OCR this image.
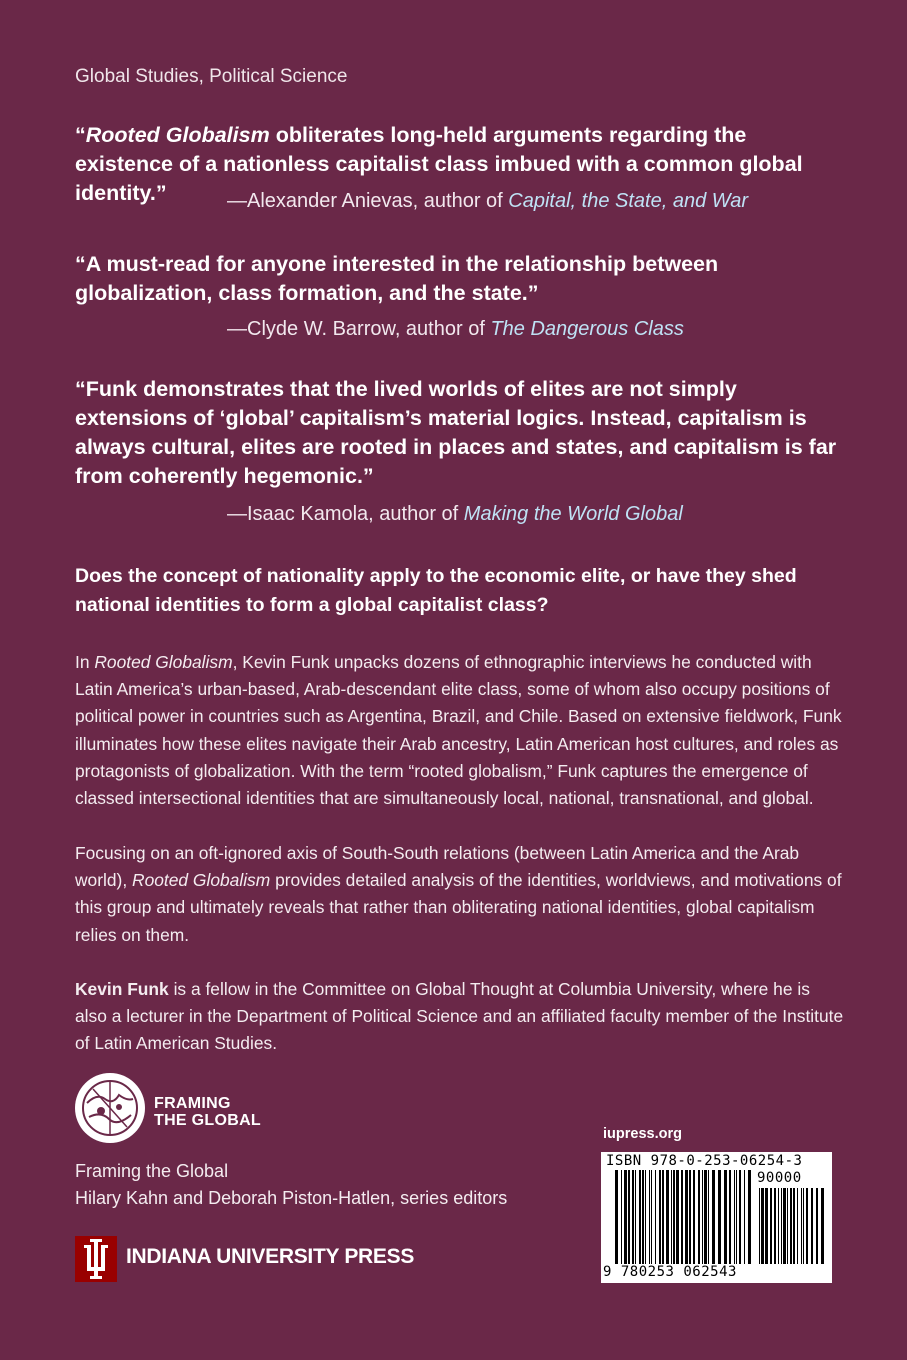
Global Studies, Political Science
“Rooted Globalism obliterates long-held arguments regarding the existence of a nationless capitalist class imbued with a common global identity.”	—Alexander Anievas, author of Capital, the State, and War
“A must-read for anyone interested in the relationship between globalization, class formation, and the state.”
—Clyde W. Barrow, author of The Dangerous Class
“Funk demonstrates that the lived worlds of elites are not simply extensions of ‘global’ capitalism’s material logics. Instead, capitalism is always cultural, elites are rooted in places and states, and capitalism is far from coherently hegemonic.”
—Isaac Kamola, author of Making the World Global
Does the concept of nationality apply to the economic elite, or have they shed national identities to form a global capitalist class?
In Rooted Globalism, Kevin Funk unpacks dozens of ethnographic interviews he conducted with Latin America’s urban-based, Arab-descendant elite class, some of whom also occupy positions of political power in countries such as Argentina, Brazil, and Chile. Based on extensive fieldwork, Funk illuminates how these elites navigate their Arab ancestry, Latin American host cultures, and roles as protagonists of globalization. With the term “rooted globalism,” Funk captures the emergence of classed intersectional identities that are simultaneously local, national, transnational, and global.
Focusing on an oft-ignored axis of South-South relations (between Latin America and the Arab world), Rooted Globalism provides detailed analysis of the identities, worldviews, and motivations of this group and ultimately reveals that rather than obliterating national identities, global capitalism relies on them.
Kevin Funk is a fellow in the Committee on Global Thought at Columbia University, where he is also a lecturer in the Department of Political Science and an affiliated faculty member of the Institute of Latin American Studies.
FRAMING
THE GLOBAL
Framing the Global
Hilary Kahn and Deborah Piston-Hatlen, series editors
INDIANA UNIVERSITY PRESS
iupress.org
ISBN 978-0-253-06254-3
90000
9 780253 062543
